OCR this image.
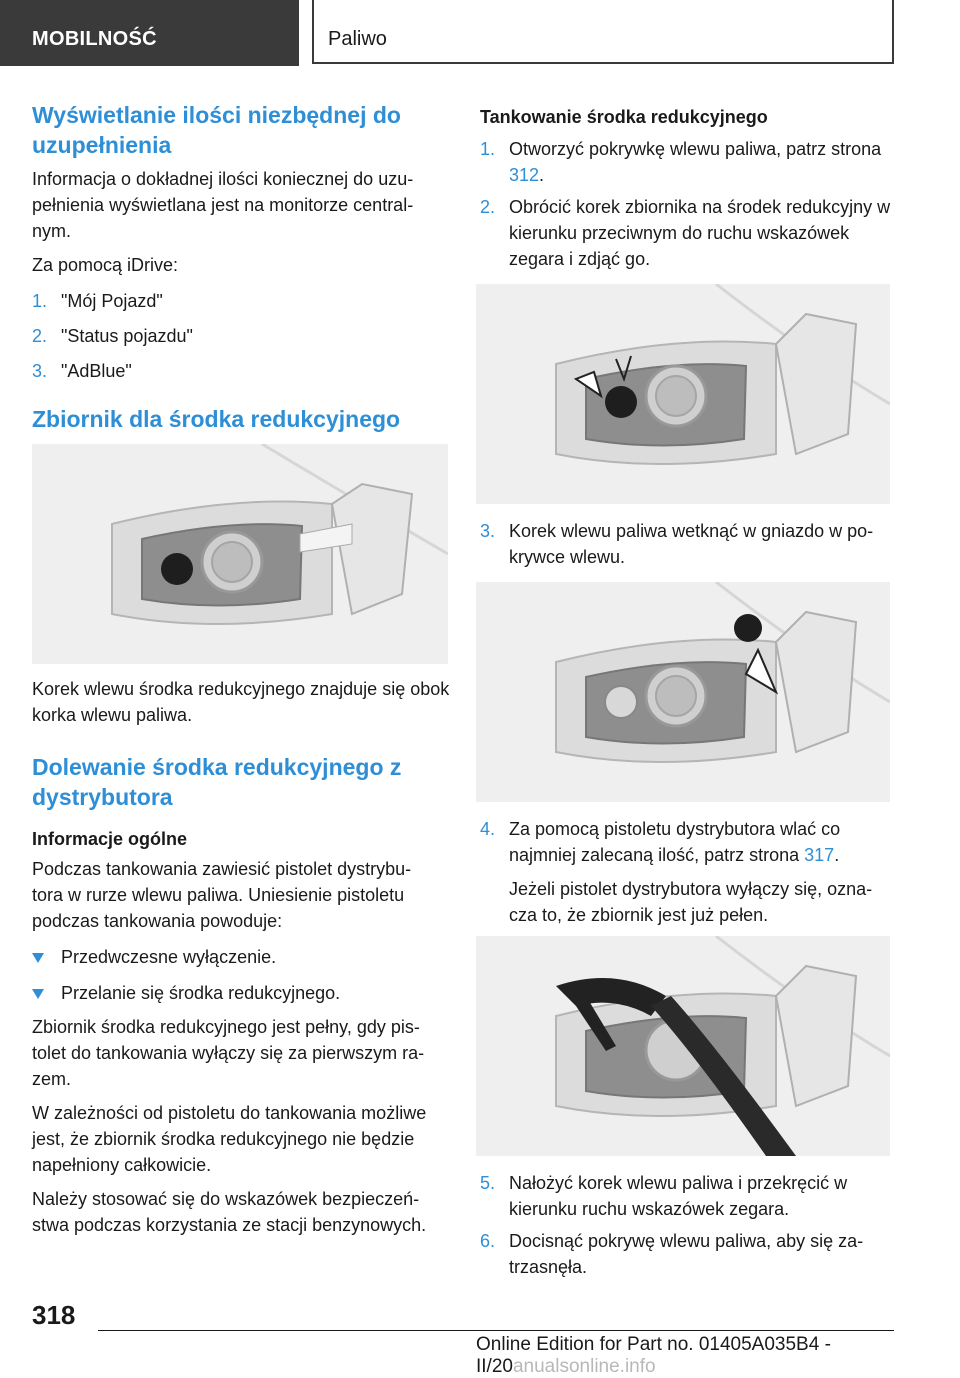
MOBILNOŚĆ	Paliwo
Wyświetlanie ilości niezbędnej do uzupełnienia

Informacja o dokładnej ilości koniecznej do uzu-pełnienia wyświetlana jest na monitorze central-nym.

Za pomocą iDrive:

1. "Mój Pojazd"
2. "Status pojazdu"
3. "AdBlue"
Zbiornik dla środka redukcyjnego

Korek wlewu środka redukcyjnego znajduje się obok korka wlewu paliwa.

Dolewanie środka redukcyjnego z dystrybutora
Informacje ogólne

Podczas tankowania zawiesić pistolet dystrybu-tora w rurze wlewu paliwa. Uniesienie pistoletu podczas tankowania powoduje:

Przedwczesne wyłączenie.
Przelanie się środka redukcyjnego.

Zbiornik środka redukcyjnego jest pełny, gdy pis-tolet do tankowania wyłączy się za pierwszym ra-zem.

W zależności od pistoletu do tankowania możliwe jest, że zbiornik środka redukcyjnego nie będzie napełniony całkowicie.

Należy stosować się do wskazówek bezpieczeń-stwa podczas korzystania ze stacji benzynowych.

Tankowanie środka redukcyjnego
1. Otworzyć pokrywkę wlewu paliwa, patrz strona 312.
2. Obrócić korek zbiornika na środek redukcyjny w kierunku przeciwnym do ruchu wskazówek zegara i zdjąć go.
3. Korek wlewu paliwa wetknąć w gniazdo w po-krywce wlewu.
4. Za pomocą pistoletu dystrybutora wlać co najmniej zalecaną ilość, patrz strona 317.

Jeżeli pistolet dystrybutora wyłączy się, ozna-cza to, że zbiornik jest już pełen.

5. Nałożyć korek wlewu paliwa i przekręcić w kierunku ruchu wskazówek zegara.
6. Docisnąć pokrywę wlewu paliwa, aby się za-trzasnęła.
318
Online Edition for Part no. 01405A035B4 - II/20anualsonline.info
